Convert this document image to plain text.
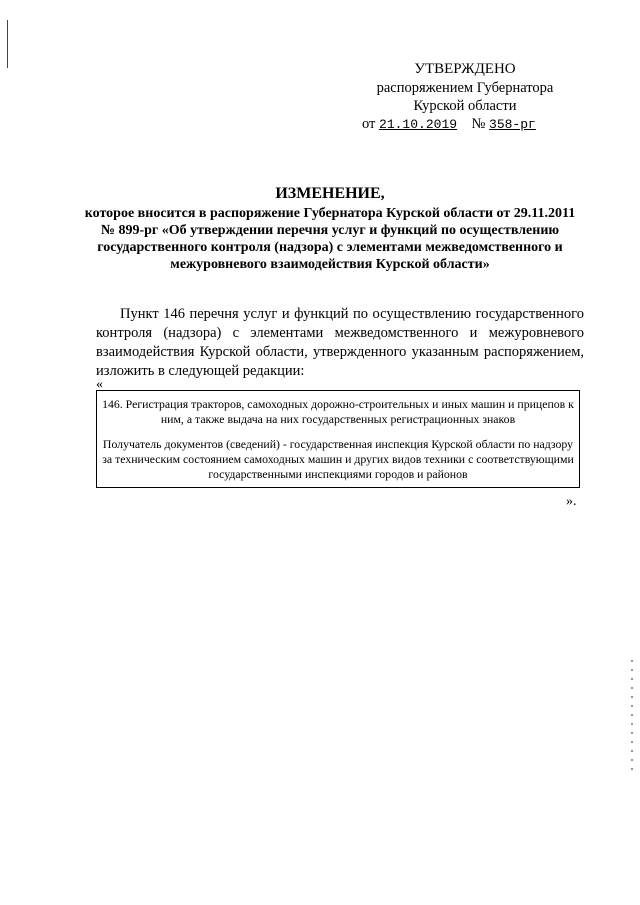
УТВЕРЖДЕНО
распоряжением Губернатора
Курской области
от 21.10.2019 № 358-рг
ИЗМЕНЕНИЕ,
которое вносится в распоряжение Губернатора Курской области от 29.11.2011 № 899-рг «Об утверждении перечня услуг и функций по осуществлению государственного контроля (надзора) с элементами межведомственного и межуровневого взаимодействия Курской области»
Пункт 146 перечня услуг и функций по осуществлению государственного контроля (надзора) с элементами межведомственного и межуровневого взаимодействия Курской области, утвержденного указанным распоряжением, изложить в следующей редакции:
«
146. Регистрация тракторов, самоходных дорожно-строительных и иных машин и прицепов к ним, а также выдача на них государственных регистрационных знаков
Получатель документов (сведений) - государственная инспекция Курской области по надзору за техническим состоянием самоходных машин и других видов техники с соответствующими государственными инспекциями городов и районов
».
